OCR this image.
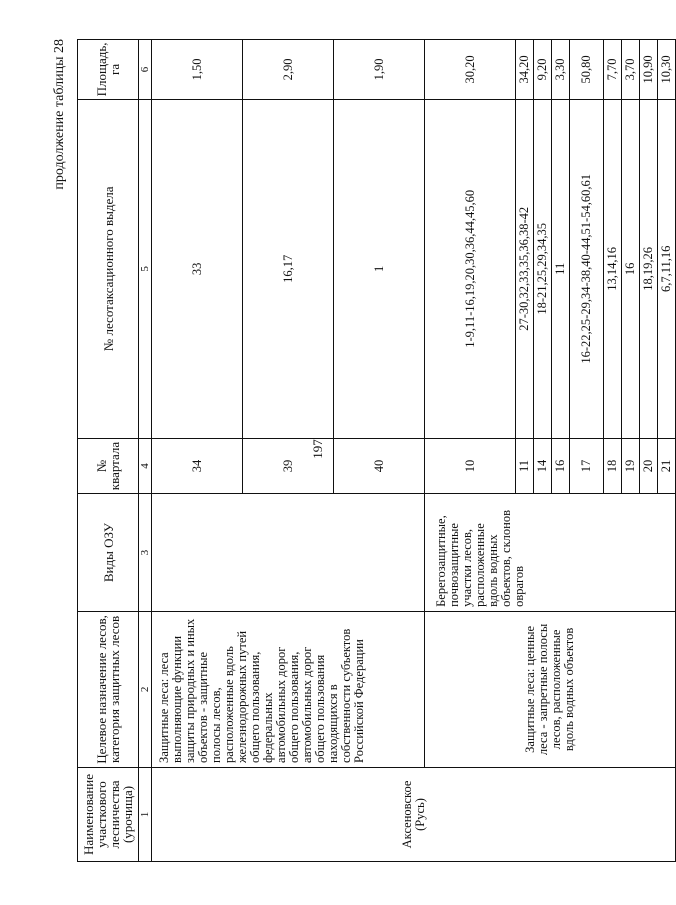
197
продолжение таблицы 28
Наименование участкового лесничества (урочища)	Целевое назначение лесов, категория защитных лесов	Виды ОЗУ	№ квартала	№ лесотаксационного выдела	Площадь, га
1	2	3	4	5	6
Аксеновское (Русь)	Защитные леса: леса выполняющие функции защиты природных и иных объектов - защитные полосы лесов, расположенные вдоль железнодорожных путей общего пользования, федеральных автомобильных дорог общего пользования, автомобильных дорог общего пользования находящихся в собственности субъектов Российской Федерации		34	33	1,50
			39	16,17	2,90
			40	1	1,90
	Защитные леса: ценные леса - запретные полосы лесов, расположенные вдоль водных объектов	Берегозащитные, почвозащитные участки лесов, расположенные вдоль водных объектов, склонов оврагов	10	1-9,11-16,19,20,30,36,44,45,60	30,20
			11	27-30,32,33,35,36,38-42	34,20
			14	18-21,25,29,34,35	9,20
			16	11	3,30
			17	16-22,25-29,34-38,40-44,51-54,60,61	50,80
			18	13,14,16	7,70
			19	16	3,70
			20	18,19,26	10,90
			21	6,7,11,16	10,30
